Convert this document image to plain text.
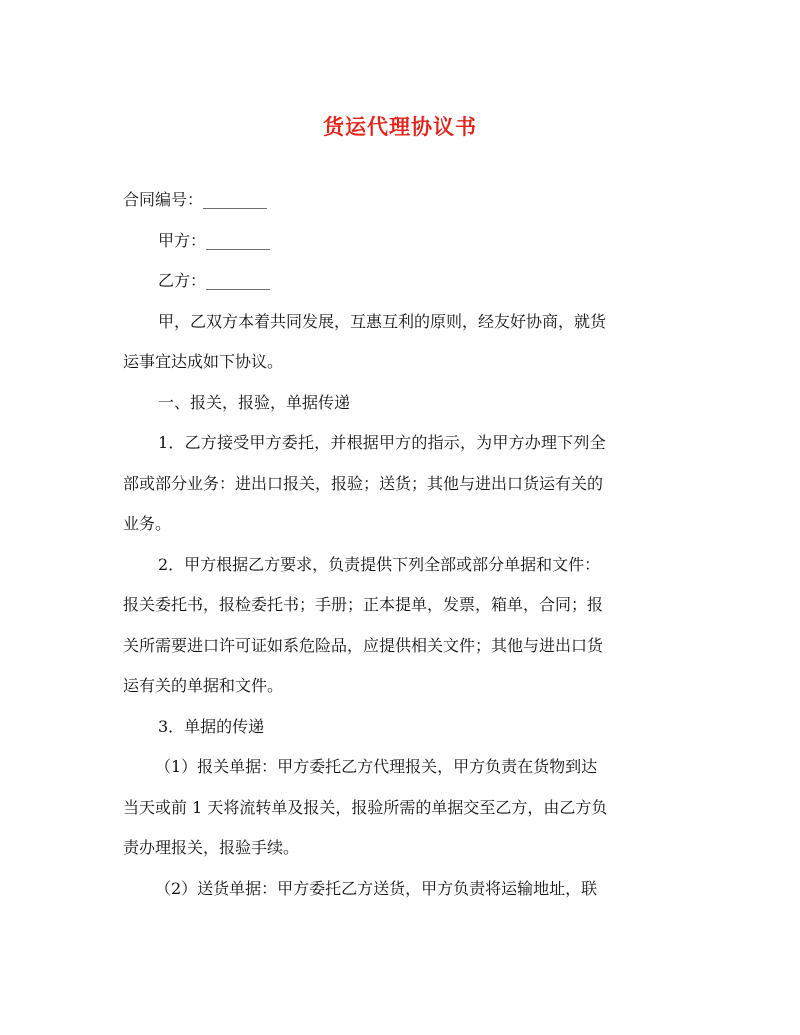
货运代理协议书
合同编号：________
甲方：________
乙方：________
甲，乙双方本着共同发展，互惠互利的原则，经友好协商，就货
运事宜达成如下协议。
一、报关，报验，单据传递
1．乙方接受甲方委托，并根据甲方的指示，为甲方办理下列全
部或部分业务：进出口报关，报验；送货；其他与进出口货运有关的
业务。
2．甲方根据乙方要求，负责提供下列全部或部分单据和文件：
报关委托书，报检委托书；手册；正本提单，发票，箱单，合同；报
关所需要进口许可证如系危险品，应提供相关文件；其他与进出口货
运有关的单据和文件。
3．单据的传递
（1）报关单据：甲方委托乙方代理报关，甲方负责在货物到达
当天或前 1 天将流转单及报关，报验所需的单据交至乙方，由乙方负
责办理报关，报验手续。
（2）送货单据：甲方委托乙方送货，甲方负责将运输地址，联
